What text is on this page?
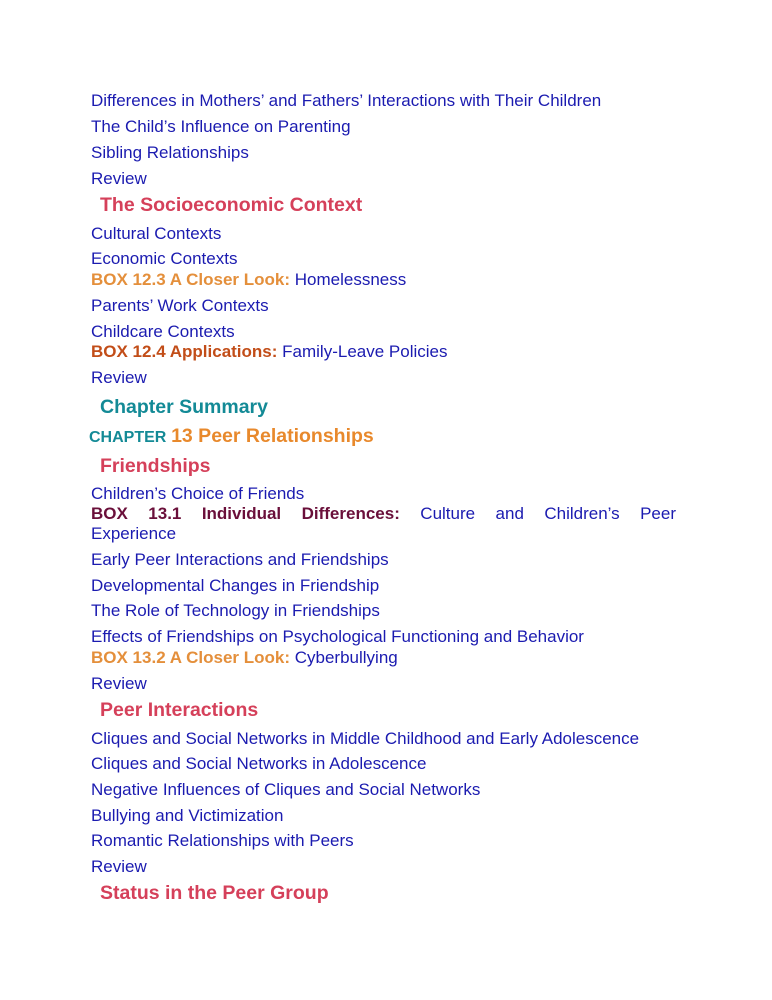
Differences in Mothers’ and Fathers’ Interactions with Their Children
The Child’s Influence on Parenting
Sibling Relationships
Review
The Socioeconomic Context
Cultural Contexts
Economic Contexts
BOX 12.3 A Closer Look: Homelessness
Parents’ Work Contexts
Childcare Contexts
BOX 12.4 Applications: Family-Leave Policies
Review
Chapter Summary
CHAPTER 13 Peer Relationships
Friendships
Children’s Choice of Friends
BOX 13.1 Individual Differences: Culture and Children’s Peer
Experience
Early Peer Interactions and Friendships
Developmental Changes in Friendship
The Role of Technology in Friendships
Effects of Friendships on Psychological Functioning and Behavior
BOX 13.2 A Closer Look: Cyberbullying
Review
Peer Interactions
Cliques and Social Networks in Middle Childhood and Early Adolescence
Cliques and Social Networks in Adolescence
Negative Influences of Cliques and Social Networks
Bullying and Victimization
Romantic Relationships with Peers
Review
Status in the Peer Group
